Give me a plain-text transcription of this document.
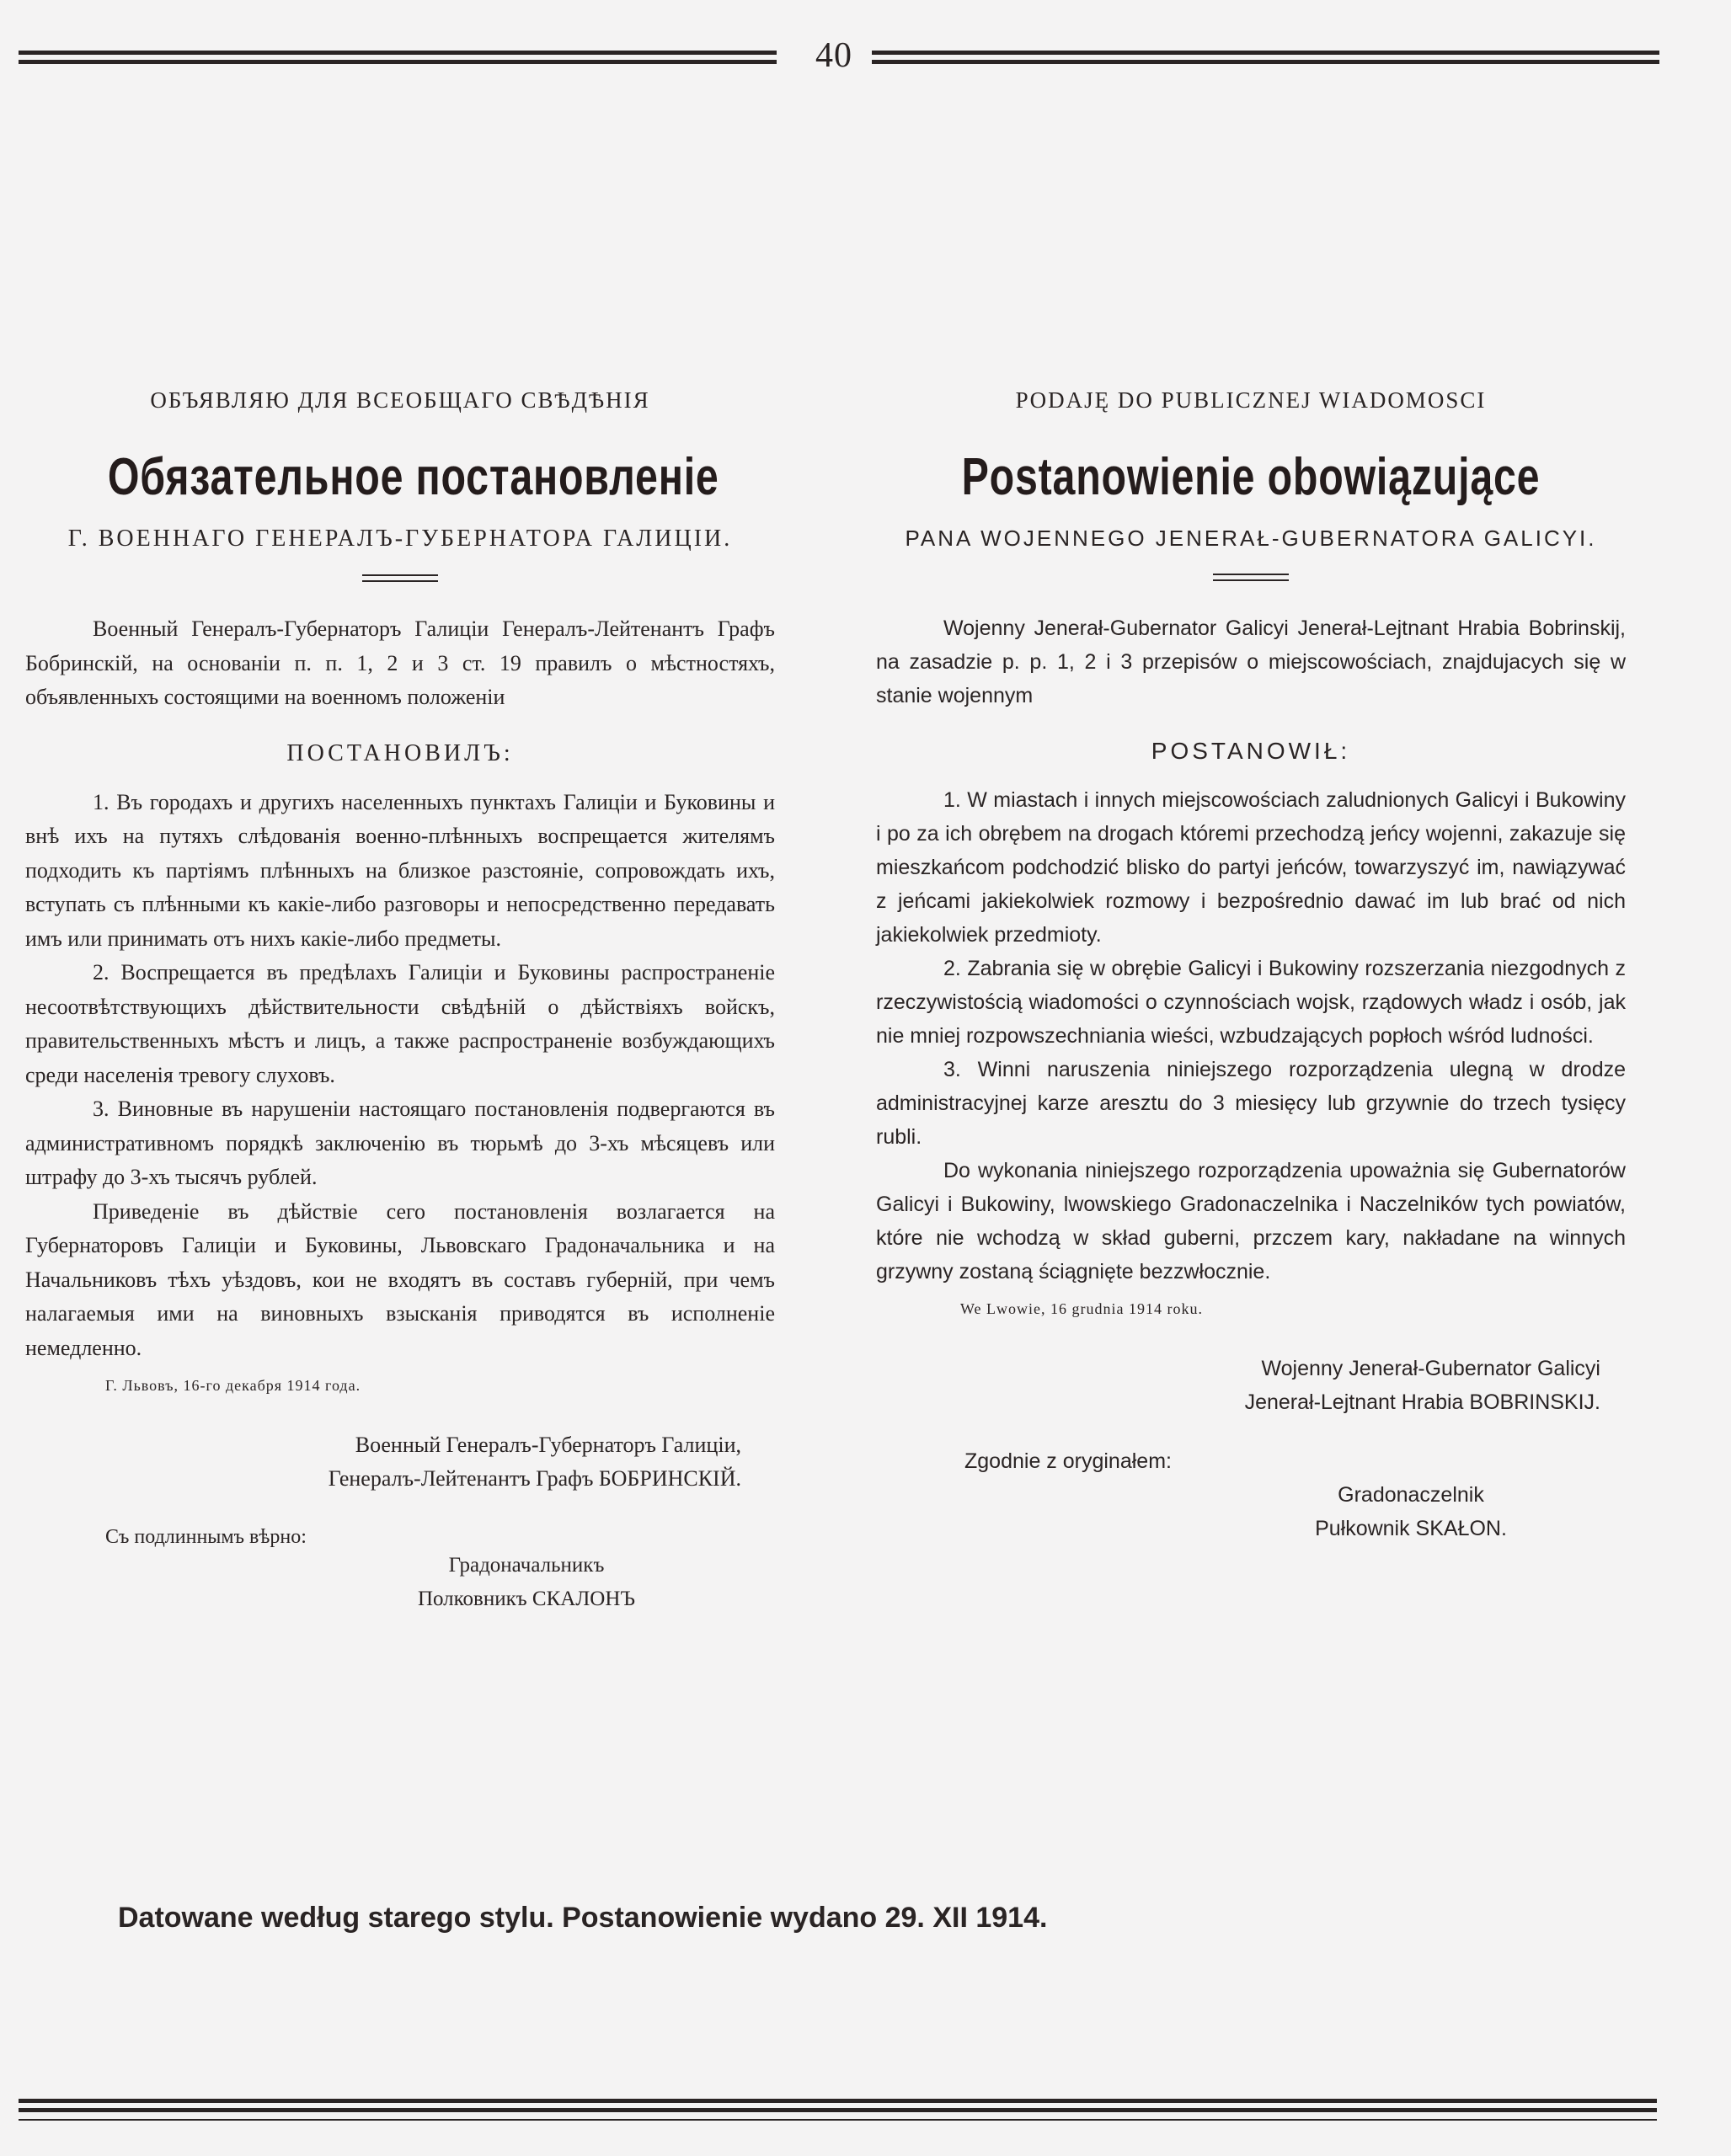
40
ОБЪЯВЛЯЮ ДЛЯ ВСЕОБЩАГО СВѢДѢНIЯ
Обязательное постановленiе
Г. ВОЕННАГО ГЕНЕРАЛЪ-ГУБЕРНАТОРА ГАЛИЦIИ.

Военный Генералъ-Губернаторъ Галицiи Генералъ-Лейтенантъ Графъ Бобринскiй, на основанiи п. п. 1, 2 и 3 ст. 19 правилъ о мѣстностяхъ, объявленныхъ состоящими на военномъ положенiи

ПОСТАНОВИЛЪ:

1. Въ городахъ и другихъ населенныхъ пунктахъ Галицiи и Буковины и внѣ ихъ на путяхъ слѣдованiя военно-плѣнныхъ воспрещается жителямъ подходить къ партiямъ плѣнныхъ на близкое разстоянiе, сопровождать ихъ, вступать съ плѣнными къ какiе-либо разговоры и непосредственно передавать имъ или принимать отъ нихъ какiе-либо предметы.

2. Воспрещается въ предѣлахъ Галицiи и Буковины распространенiе несоотвѣтствующихъ дѣйствительности свѣдѣнiй о дѣйствiяхъ войскъ, правительственныхъ мѣстъ и лицъ, а также распространенiе возбуждающихъ среди населенiя тревогу слуховъ.

3. Виновные въ нарушенiи настоящаго постановленiя подвергаются въ административномъ порядкѣ заключенiю въ тюрьмѣ до 3-хъ мѣсяцевъ или штрафу до 3-хъ тысячъ рублей.

Приведенiе въ дѣйствiе сего постановленiя возлагается на Губернаторовъ Галицiи и Буковины, Львовскаго Градоначальника и на Начальниковъ тѣхъ уѣздовъ, кои не входятъ въ составъ губернiй, при чемъ налагаемыя ими на виновныхъ взысканiя приводятся въ исполненiе немедленно.

Г. Львовъ, 16-го декабря 1914 года.
Военный Генералъ-Губернаторъ Галицiи,
Генералъ-Лейтенантъ Графъ БОБРИНСКIЙ.
Съ подлиннымъ вѣрно:
Градоначальникъ
Полковникъ СКАЛОНЪ
PODAJĘ DO PUBLICZNEJ WIADOMOSCI
Postanowienie obowiązujące
PANA WOJENNEGO JENERAŁ-GUBERNATORA GALICYI.

Wojenny Jenerał-Gubernator Galicyi Jenerał-Lejtnant Hrabia Bobrinskij, na zasadzie p. p. 1, 2 i 3 przepisów o miejscowościach, znajdujacych się w stanie wojennym

POSTANOWIŁ:

1. W miastach i innych miejscowościach zaludnionych Galicyi i Bukowiny i po za ich obrębem na drogach któremi przechodzą jeńcy wojenni, zakazuje się mieszkańcom podchodzić blisko do partyi jeńców, towarzyszyć im, nawiązywać z jeńcami jakiekolwiek rozmowy i bezpośrednio dawać im lub brać od nich jakiekolwiek przedmioty.

2. Zabrania się w obrębie Galicyi i Bukowiny rozszerzania niezgodnych z rzeczywistością wiadomości o czynnościach wojsk, rządowych władz i osób, jak nie mniej rozpowszechniania wieści, wzbudzających popłoch wśród ludności.

3. Winni naruszenia niniejszego rozporządzenia ulegną w drodze administracyjnej karze aresztu do 3 miesięcy lub grzywnie do trzech tysięcy rubli.

Do wykonania niniejszego rozporządzenia upoważnia się Gubernatorów Galicyi i Bukowiny, lwowskiego Gradonaczelnika i Naczelników tych powiatów, które nie wchodzą w skład guberni, przczem kary, nakładane na winnych grzywny zostaną ściągnięte bezzwłocznie.

We Lwowie, 16 grudnia 1914 roku.
Wojenny Jenerał-Gubernator Galicyi
Jenerał-Lejtnant Hrabia BOBRINSKIJ.
Zgodnie z oryginałem:
Gradonaczelnik
Pułkownik SKAŁON.
Datowane według starego stylu. Postanowienie wydano 29. XII 1914.
